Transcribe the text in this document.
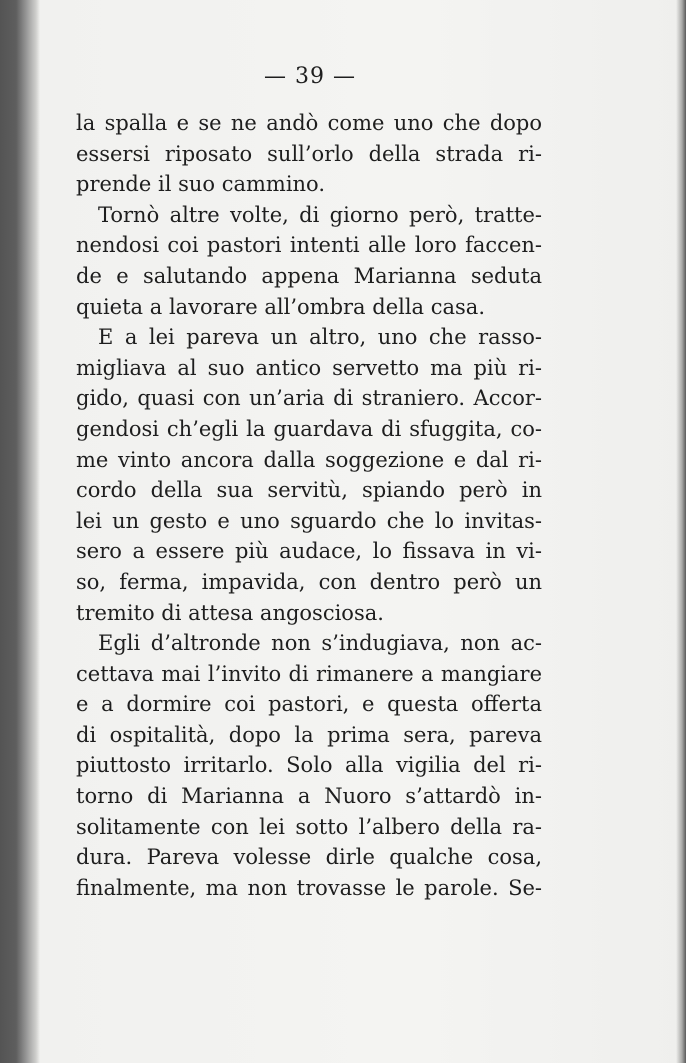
— 39 —
la spalla e se ne andò come uno che dopo
essersi riposato sull’orlo della strada ri-
prende il suo cammino.
Tornò altre volte, di giorno però, tratte-
nendosi coi pastori intenti alle loro faccen-
de e salutando appena Marianna seduta
quieta a lavorare all’ombra della casa.
E a lei pareva un altro, uno che rasso-
migliava al suo antico servetto ma più ri-
gido, quasi con un’aria di straniero. Accor-
gendosi ch’egli la guardava di sfuggita, co-
me vinto ancora dalla soggezione e dal ri-
cordo della sua servitù, spiando però in
lei un gesto e uno sguardo che lo invitas-
sero a essere più audace, lo fissava in vi-
so, ferma, impavida, con dentro però un
tremito di attesa angosciosa.
Egli d’altronde non s’indugiava, non ac-
cettava mai l’invito di rimanere a mangiare
e a dormire coi pastori, e questa offerta
di ospitalità, dopo la prima sera, pareva
piuttosto irritarlo. Solo alla vigilia del ri-
torno di Marianna a Nuoro s’attardò in-
solitamente con lei sotto l’albero della ra-
dura. Pareva volesse dirle qualche cosa,
finalmente, ma non trovasse le parole. Se-
